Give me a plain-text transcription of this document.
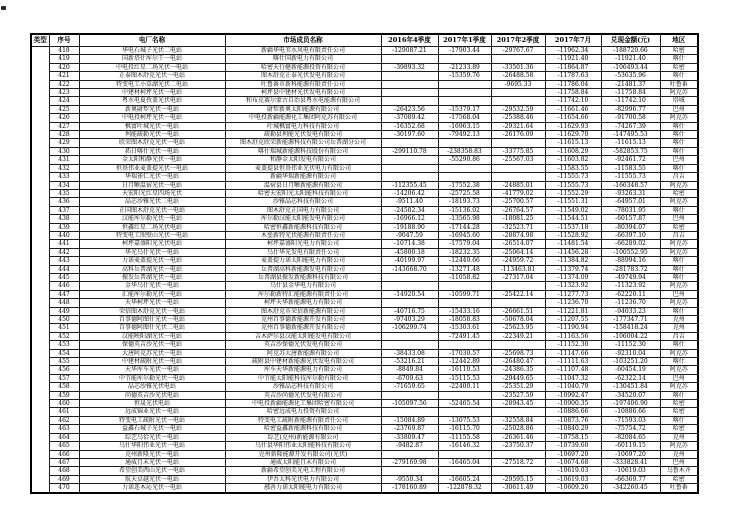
类型	序号	电厂名称	市场成员名称	2016年4季度	2017年1季度	2017年2季度	2017年7月	兑现金额(元)	地区
	418	华电石城子光伏二电站	新疆华电苇水风电有限责任公司	-129087.21	-17903.44	-29767.67	-11962.34	-188720.66	哈密
	419	国新塔什库尔干一电站	喀什国新电力有限公司				-11921.40	-11921.40	喀什
	420	中电投红星二场光伏一电站	哈密天行健新能源投资有限公司	-39893.32	-21233.89	-33501.36	-11864.87	-106493.44	哈密
	421	正泰图木舒克光伏一电站	图木舒克正泰光伏发电有限公司		-15359.76	-26488.58	-11787.63	-53635.96	喀什
	422	特变电工小草湖光伏二电站	吐鲁番市新科能源有限责任公司			-9695.33	-11786.04	-21481.37	吐鲁番
	423	中建材柯坪光伏一电站	柯坪县中建材光伏发电有限公司				-11758.84	-11758.84	阿克苏
	424	粤水电夏孜盖光伏电站	和布克赛尔蒙古自治县粤水电能源有限公司				-11742.10	-11742.10	塔城
	425	新奥尉犁光伏一电站	尉犁新奥太阳能源有限公司	-26423.56	-15379.17	-29532.59	-11661.46	-82996.77	巴州
	426	中电投柯坪光伏一电站	中电投新疆能源化工集团阿克苏有限公司	-37089.42	-17568.04	-25388.46	-11654.66	-91700.58	阿克苏
	427	枫富叶城光伏一电站	叶城枫富电力科技有限公司	-16352.68	-16963.15	-29321.64	-11629.93	-74267.39	喀什
	428	利能疏勒光伏一电站	疏勒县利能光伏发电有限公司	-30197.60	-79492.13	-26176.09	-11629.70	-147495.53	喀什
	429	欣荣图木舒克光伏一电站	图木舒克欣荣新能源科技有限公司岳普湖分公司				-11615.13	-11615.13	喀什
	430	拓日喀什光伏一电站	喀什瑞城新能源科技股份有限公司	-299110.78	-238358.83	-33775.85	-11608.29	-582853.75	喀什
	431	金太阳和静光伏一电站	和静金太阳发电有限公司		-55290.86	-25567.03	-11603.82	-92461.72	巴州
	432	恒基伟业麦盖提光伏一电站	麦盖提县恒基伟业光伏电力有限公司				-11583.55	-11583.55	喀什
	433	华瑞雀仁光伏一电站	新疆华瑞新能源有限公司				-11555.73	-11555.73	昌吉
	434	日月晰温宿光伏一电站	温宿县日月晰新能源有限公司	-112355.45	-17552.38	-24885.01	-11555.73	-166348.57	阿克苏
	435	天宏阳光红星四场光伏	哈密天宏阳光太阳能科技有限公司	-14206.42	-25725.58	-41779.02	-11552.29	-93263.31	哈密
	436	晶芯沙雅光伏二电站	沙雅晶芯科技有限公司	-9511.40	-18193.73	-25700.57	-11551.31	-64957.01	阿克苏
	437	正国图木舒克光伏一电站	图木舒克正国电力有限公司	-24582.34	-15136.02	-26764.57	-11549.02	-78031.95	喀什
	438	汉能库尔勒光伏一电站	库尔勒汉能太阳能发电有限公司	-16966.12	-13565.98	-18081.25	-11544.51	-60157.87	巴州
	439	恒鑫红星二场光伏电站	哈密恒鑫新能源科技有限公司	-19188.90	-17144.28	-32523.71	-11537.18	-80394.07	哈密
	440	特变电工照壁山光伏一电站	木垒新特光伏能源有限责任公司	-9047.59	-16945.60	-28874.98	-11528.92	-66397.10	昌吉
	441	柯坪嘉盛阳光光伏电站	柯坪嘉盛阳光电力有限公司	-10714.38	-17579.04	-26514.07	-11481.54	-66289.02	阿克苏
	442	华光乌什光伏一电站	乌什华光发电有限责任公司	-45800.18	-18232.35	-25064.14	-11456.28	-100552.95	阿克苏
	443	力诺麦盖提光伏一电站	麦盖提力诺太阳能电力有限公司	-40199.97	-12449.66	-24959.72	-11384.82	-88994.16	喀什
	444	高科岳普湖光伏一电站	岳普湖高科新能源发电有限公司	-143668.70	-13271.48	-113463.81	-11379.74	-281783.72	喀什
	445	振发岳普湖光伏一电站	岳普湖县振发新能源科技有限公司		-11058.82	-27317.04	-11374.09	-49749.94	喀什
	446	金华乌什光伏一电站	乌什县金华电力有限公司				-11323.92	-11323.92	阿克苏
	447	汇能库尔勒光伏一电站	库尔勒新特汇能能源有限责任公司	-14920.54	-10599.71	-25422.14	-11277.73	-62220.11	巴州
	448	天华柯坪光伏一电站	柯坪天华新能源电力有限公司				-11236.70	-11236.70	阿克苏
	449	荣信图木舒克光伏一电站	图木舒克市荣信新能源有限公司	-40716.75	-15433.16	-26661.51	-11221.81	-94033.23	喀什
	450	百事德阿图什光伏一电站	克州百事德新能源开发有限公司	-97403.29	-18058.83	-50678.04	-11207.55	-177347.71	克州
	451	百事德阿图什光伏二电站	克州百事德新能源开发有限公司	-106299.74	-15303.61	-25623.95	-11190.94	-158418.24	克州
	452	汉能映阳湖光伏一电站	吉木萨尔县汉能太阳能发电有限公司		-72491.45	-22349.21	-11163.56	-106004.22	昌吉
	453	保德英吉沙光伏一电站	英吉沙保德光伏发电有限公司				-11152.30	-11152.30	喀什
	454	大唐阿克苏光伏一电站	阿克苏大唐新能源有限公司	-38433.08	-17030.57	-25698.73	-11147.66	-92310.04	阿克苏
	455	中建材疏附光伏一电站	疏附县中建材新能源光伏发电有限公司	-53216.21	-12442.89	-26480.47	-11111.63	-103251.20	喀什
	456	天华库车光伏一电站	库车天华新能源电力有限公司	-8849.84	-16110.53	-24386.35	-11107.48	-60454.19	阿克苏
	457	中节能库尔勒光伏一电站	中节能太阳能科技库尔勒有限公司	-6709.63	-15115.53	-29449.65	-11047.32	-62322.14	巴州
	458	晶芯沙雅光伏电站	沙雅晶芯科技有限公司	-71659.65	-22400.11	-25351.29	-11040.79	-130451.84	阿克苏
	459	尚德英吉沙光伏电站	英吉沙尚德光伏发电有限公司			-23527.59	-10992.47	-34520.07	喀什
	460	恒晟光伏电站	中电投新疆能源化工集团哈密有限公司	-105097.56	-52465.54	-28943.45	-10900.35	-197406.90	哈密
	461	远成锦业光伏一电站	哈密远成电力投资有限公司				-10886.66	-10886.66	哈密
	462	特变电工疏附光伏一电站	特变电工疏附新能源有限责任公司	-15084.89	-13075.53	-32558.84	-10873.76	-71593.03	喀什
	463	益鑫石城子光伏一电站	哈密益鑫新能源科技有限公司	-23769.87	-16115.70	-25028.86	-10840.29	-75754.72	哈密
	464	综艺乌恰光伏一电站	综艺(克州)新能源有限公司	-33809.47	-11155.58	-26361.46	-10758.15	-82084.65	克州
	465	乌什华阳伟业光伏一电站	乌什县华阳伟业太阳能科技有限公司	-9482.87	-16146.32	-23750.37	-10739.60	-60119.15	阿克苏
	466	克州新隆光伏一电站	克州新隆能源开发有限公司(光伏)				-10697.20	-10697.20	克州
	467	通威且末光伏一电站	通威太阳能且末有限公司	-279169.98	-16465.04	-27518.72	-10674.68	-333828.41	巴州
	468	希望创美西山光伏一电站	新疆希望创美光电工程有限公司				-10619.03	-10619.03	乌鲁木齐
	469	航天卓越光伏一电站	伊吾太科光伏电力有限公司	-9550.34	-16605.24	-29595.15	-10619.03	-66369.77	哈密
	470	力诺连木沁光伏一电站	鄯善力诺太阳能电力有限公司	-178160.89	-122878.32	-30611.49	-10609.26	-342260.45	吐鲁番
